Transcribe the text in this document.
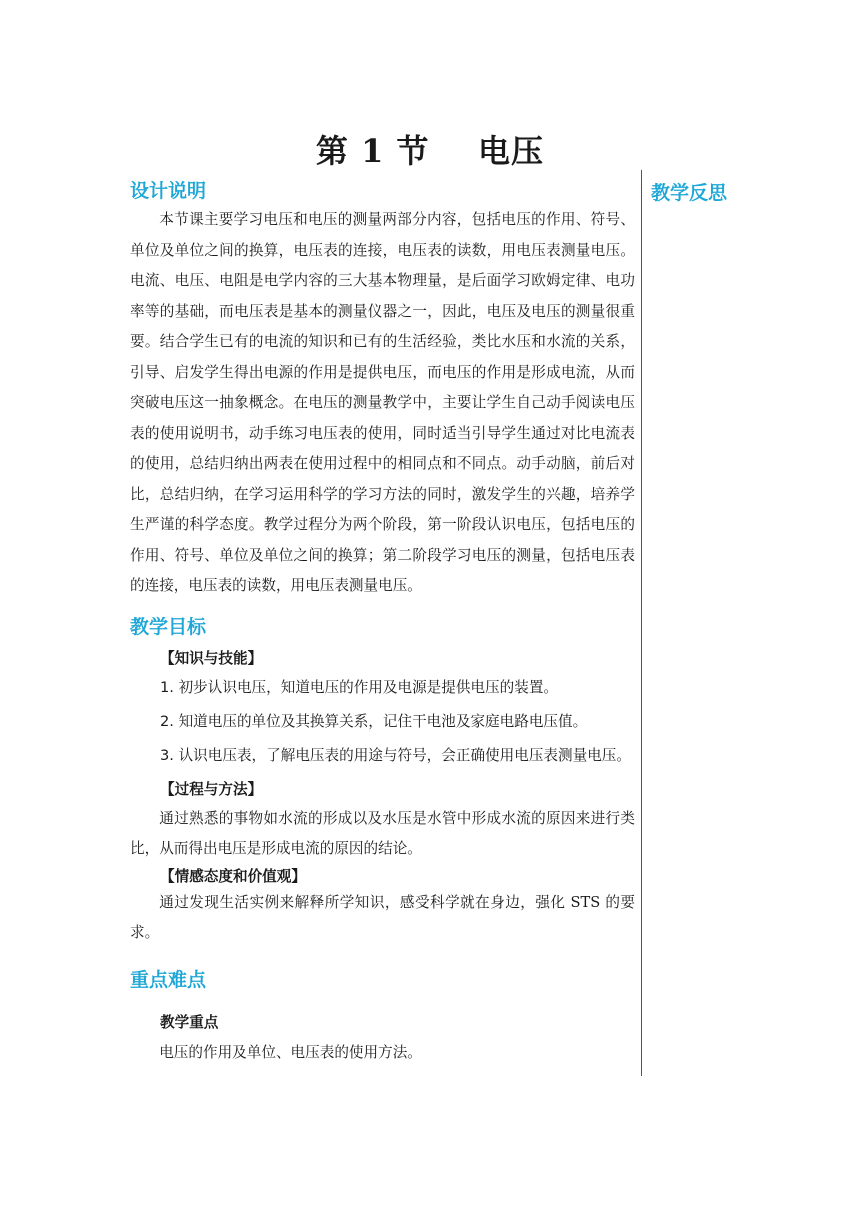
第 1 节 电压
教学反思
设计说明

本节课主要学习电压和电压的测量两部分内容，包括电压的作用、符号、单位及单位之间的换算，电压表的连接，电压表的读数，用电压表测量电压。电流、电压、电阻是电学内容的三大基本物理量，是后面学习欧姆定律、电功率等的基础，而电压表是基本的测量仪器之一，因此，电压及电压的测量很重要。结合学生已有的电流的知识和已有的生活经验，类比水压和水流的关系，引导、启发学生得出电源的作用是提供电压，而电压的作用是形成电流，从而突破电压这一抽象概念。在电压的测量教学中，主要让学生自己动手阅读电压表的使用说明书，动手练习电压表的使用，同时适当引导学生通过对比电流表的使用，总结归纳出两表在使用过程中的相同点和不同点。动手动脑，前后对比，总结归纳，在学习运用科学的学习方法的同时，激发学生的兴趣，培养学生严谨的科学态度。教学过程分为两个阶段，第一阶段认识电压，包括电压的作用、符号、单位及单位之间的换算；第二阶段学习电压的测量，包括电压表的连接，电压表的读数，用电压表测量电压。

教学目标

【知识与技能】

1. 初步认识电压，知道电压的作用及电源是提供电压的装置。
2. 知道电压的单位及其换算关系，记住干电池及家庭电路电压值。
3. 认识电压表，了解电压表的用途与符号，会正确使用电压表测量电压。

【过程与方法】

通过熟悉的事物如水流的形成以及水压是水管中形成水流的原因来进行类比，从而得出电压是形成电流的原因的结论。

【情感态度和价值观】

通过发现生活实例来解释所学知识，感受科学就在身边，强化 STS 的要求。

重点难点

教学重点

电压的作用及单位、电压表的使用方法。
